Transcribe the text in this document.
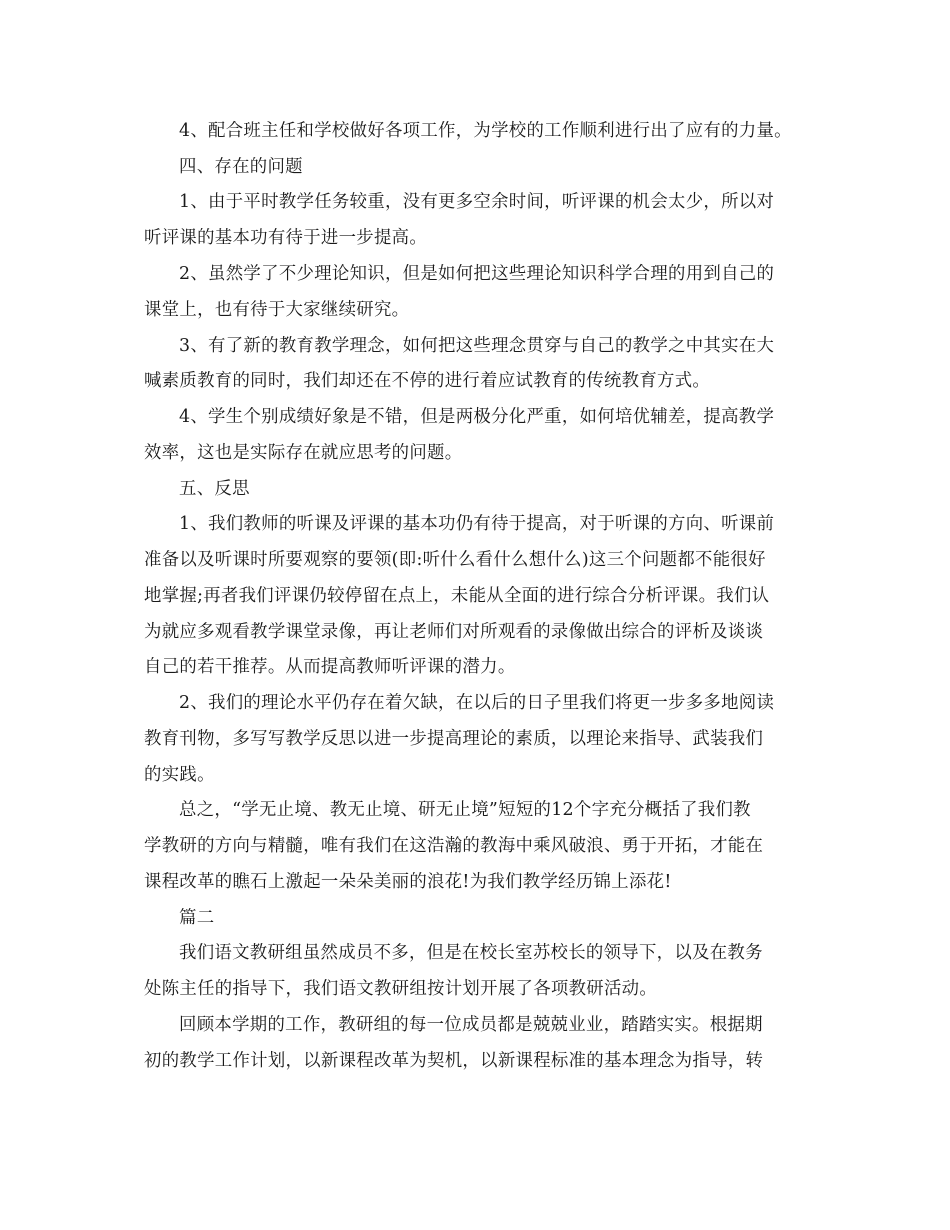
4、配合班主任和学校做好各项工作，为学校的工作顺利进行出了应有的力量。
四、存在的问题
1、由于平时教学任务较重，没有更多空余时间，听评课的机会太少，所以对
听评课的基本功有待于进一步提高。
2、虽然学了不少理论知识，但是如何把这些理论知识科学合理的用到自己的
课堂上，也有待于大家继续研究。
3、有了新的教育教学理念，如何把这些理念贯穿与自己的教学之中其实在大
喊素质教育的同时，我们却还在不停的进行着应试教育的传统教育方式。
4、学生个别成绩好象是不错，但是两极分化严重，如何培优辅差，提高教学
效率，这也是实际存在就应思考的问题。
五、反思
1、我们教师的听课及评课的基本功仍有待于提高，对于听课的方向、听课前
准备以及听课时所要观察的要领(即:听什么看什么想什么)这三个问题都不能很好
地掌握;再者我们评课仍较停留在点上，未能从全面的进行综合分析评课。我们认
为就应多观看教学课堂录像，再让老师们对所观看的录像做出综合的评析及谈谈
自己的若干推荐。从而提高教师听评课的潜力。
2、我们的理论水平仍存在着欠缺，在以后的日子里我们将更一步多多地阅读
教育刊物，多写写教学反思以进一步提高理论的素质，以理论来指导、武装我们
的实践。
总之，“学无止境、教无止境、研无止境”短短的12个字充分概括了我们教
学教研的方向与精髓，唯有我们在这浩瀚的教海中乘风破浪、勇于开拓，才能在
课程改革的瞧石上激起一朵朵美丽的浪花!为我们教学经历锦上添花!
篇二
我们语文教研组虽然成员不多，但是在校长室苏校长的领导下，以及在教务
处陈主任的指导下，我们语文教研组按计划开展了各项教研活动。
回顾本学期的工作，教研组的每一位成员都是兢兢业业，踏踏实实。根据期
初的教学工作计划，以新课程改革为契机，以新课程标准的基本理念为指导，转
